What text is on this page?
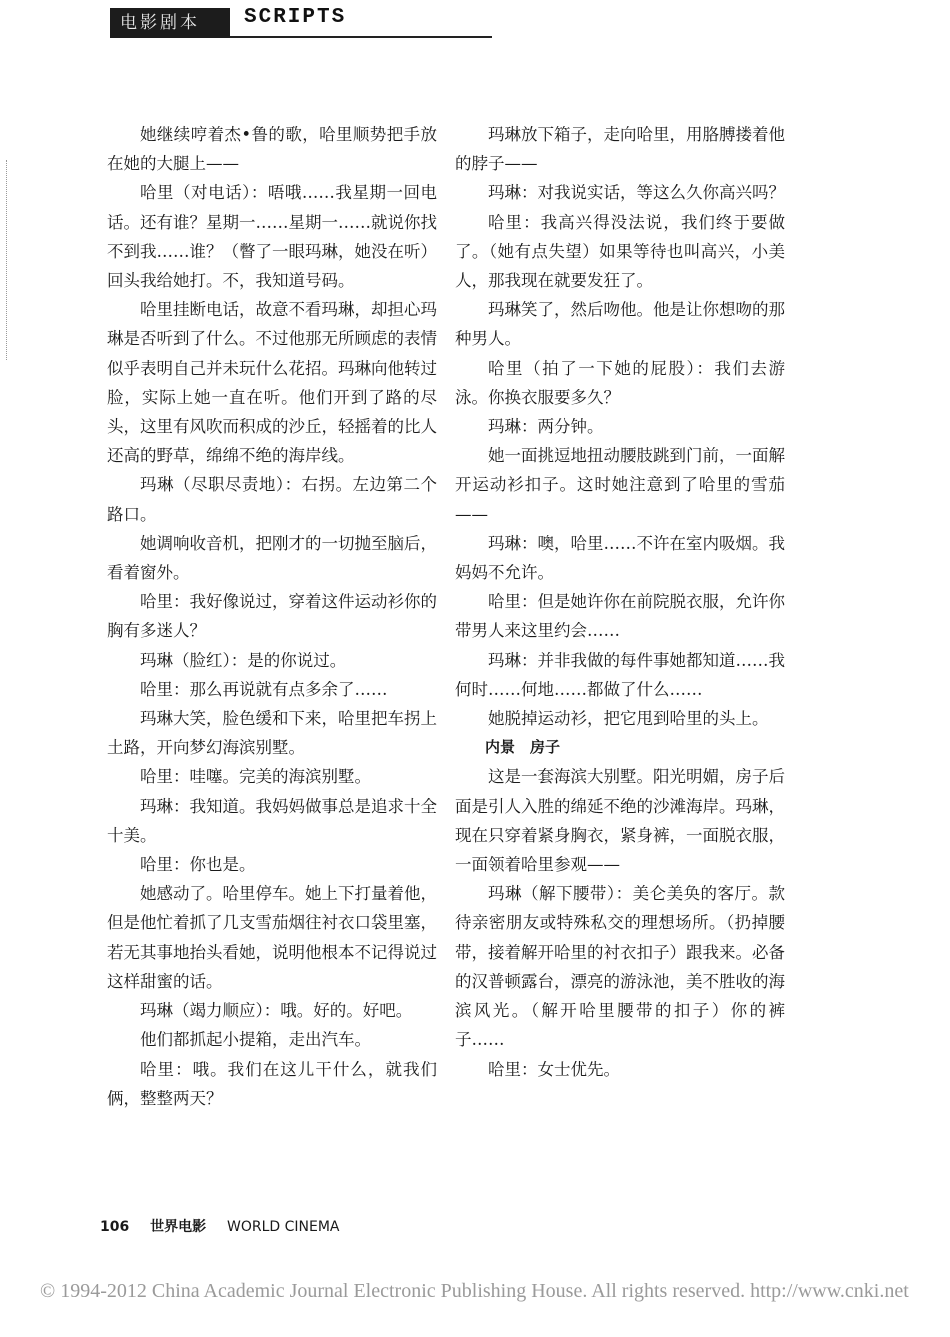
电影剧本	SCRIPTS

她继续哼着杰•鲁的歌，哈里顺势把手放在她的大腿上——

哈里（对电话）：唔哦……我星期一回电话。还有谁？星期一……星期一……就说你找不到我……谁？（瞥了一眼玛琳，她没在听）回头我给她打。不，我知道号码。

哈里挂断电话，故意不看玛琳，却担心玛琳是否听到了什么。不过他那无所顾虑的表情似乎表明自己并未玩什么花招。玛琳向他转过脸，实际上她一直在听。他们开到了路的尽头，这里有风吹而积成的沙丘，轻摇着的比人还高的野草，绵绵不绝的海岸线。

玛琳（尽职尽责地）：右拐。左边第二个路口。

她调响收音机，把刚才的一切抛至脑后，看着窗外。

哈里：我好像说过，穿着这件运动衫你的胸有多迷人？

玛琳（脸红）：是的你说过。

哈里：那么再说就有点多余了……

玛琳大笑，脸色缓和下来，哈里把车拐上土路，开向梦幻海滨别墅。

哈里：哇噻。完美的海滨别墅。

玛琳：我知道。我妈妈做事总是追求十全十美。

哈里：你也是。

她感动了。哈里停车。她上下打量着他，但是他忙着抓了几支雪茄烟往衬衣口袋里塞，若无其事地抬头看她，说明他根本不记得说过这样甜蜜的话。

玛琳（竭力顺应）：哦。好的。好吧。

他们都抓起小提箱，走出汽车。

哈里：哦。我们在这儿干什么，就我们俩，整整两天？

玛琳放下箱子，走向哈里，用胳膊搂着他的脖子——

玛琳：对我说实话，等这么久你高兴吗？

哈里：我高兴得没法说，我们终于要做了。（她有点失望）如果等待也叫高兴，小美人，那我现在就要发狂了。

玛琳笑了，然后吻他。他是让你想吻的那种男人。

哈里（拍了一下她的屁股）：我们去游泳。你换衣服要多久？

玛琳：两分钟。

她一面挑逗地扭动腰肢跳到门前，一面解开运动衫扣子。这时她注意到了哈里的雪茄——

玛琳：噢，哈里……不许在室内吸烟。我妈妈不允许。

哈里：但是她许你在前院脱衣服，允许你带男人来这里约会……

玛琳：并非我做的每件事她都知道……我何时……何地……都做了什么……

她脱掉运动衫，把它甩到哈里的头上。

内景　房子

这是一套海滨大别墅。阳光明媚，房子后面是引人入胜的绵延不绝的沙滩海岸。玛琳，现在只穿着紧身胸衣，紧身裤，一面脱衣服，一面领着哈里参观——

玛琳（解下腰带）：美仑美奂的客厅。款待亲密朋友或特殊私交的理想场所。（扔掉腰带，接着解开哈里的衬衣扣子）跟我来。必备的汉普顿露台，漂亮的游泳池，美不胜收的海滨风光。（解开哈里腰带的扣子）你的裤子……

哈里：女士优先。

106 世界电影 WORLD CINEMA
© 1994-2012 China Academic Journal Electronic Publishing House. All rights reserved. http://www.cnki.net
